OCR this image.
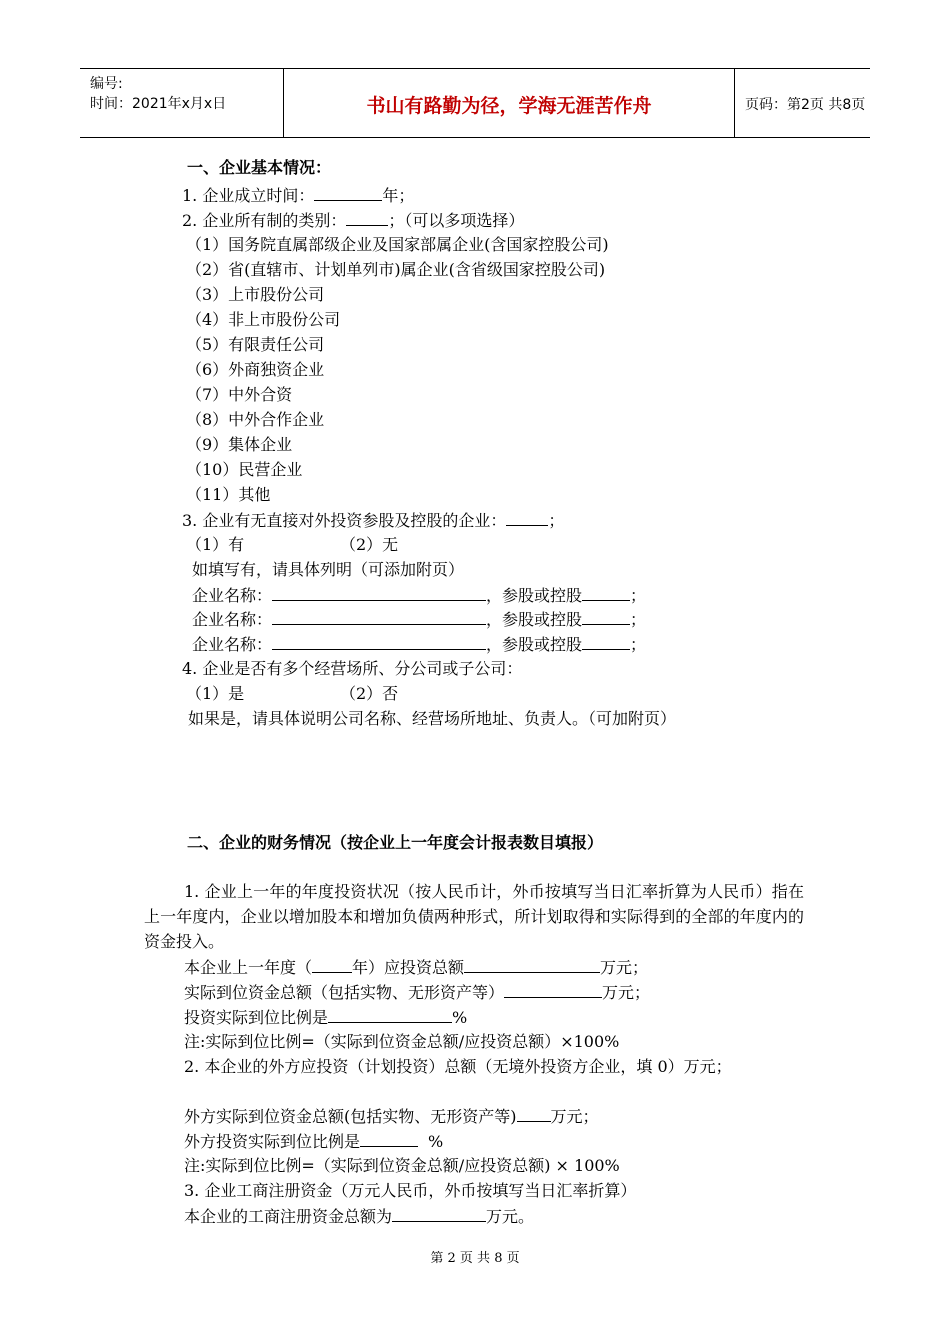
编号:
时间：2021年x月x日	书山有路勤为径，学海无涯苦作舟	页码：第2页 共8页
一、企业基本情况：
1. 企业成立时间：	年；
2. 企业所有制的类别：	；（可以多项选择）
（1）国务院直属部级企业及国家部属企业(含国家控股公司)
（2）省(直辖市、计划单列市)属企业(含省级国家控股公司)
（3）上市股份公司
（4）非上市股份公司
（5）有限责任公司
（6）外商独资企业
（7）中外合资
（8）中外合作企业
（9）集体企业
（10）民营企业
（11）其他
3. 企业有无直接对外投资参股及控股的企业：	；
（1）有	（2）无
如填写有，请具体列明（可添加附页）
企业名称：	，参股或控股	；
企业名称：	，参股或控股	；
企业名称：	，参股或控股	；
4. 企业是否有多个经营场所、分公司或子公司：
（1）是	（2）否
如果是，请具体说明公司名称、经营场所地址、负责人。（可加附页）
二、企业的财务情况（按企业上一年度会计报表数目填报）
1. 企业上一年的年度投资状况（按人民币计，外币按填写当日汇率折算为人民币）指在上一年度内，企业以增加股本和增加负债两种形式，所计划取得和实际得到的全部的年度内的资金投入。
本企业上一年度（	年）应投资总额	万元；
实际到位资金总额（包括实物、无形资产等）	万元；
投资实际到位比例是	%
注:实际到位比例=（实际到位资金总额/应投资总额）×100%
2. 本企业的外方应投资（计划投资）总额（无境外投资方企业，填 0）万元；
外方实际到位资金总额(包括实物、无形资产等) 万元；
外方投资实际到位比例是	%
注:实际到位比例=（实际到位资金总额/应投资总额) × 100%
3. 企业工商注册资金（万元人民币，外币按填写当日汇率折算）
本企业的工商注册资金总额为	万元。
第 2 页 共 8 页
